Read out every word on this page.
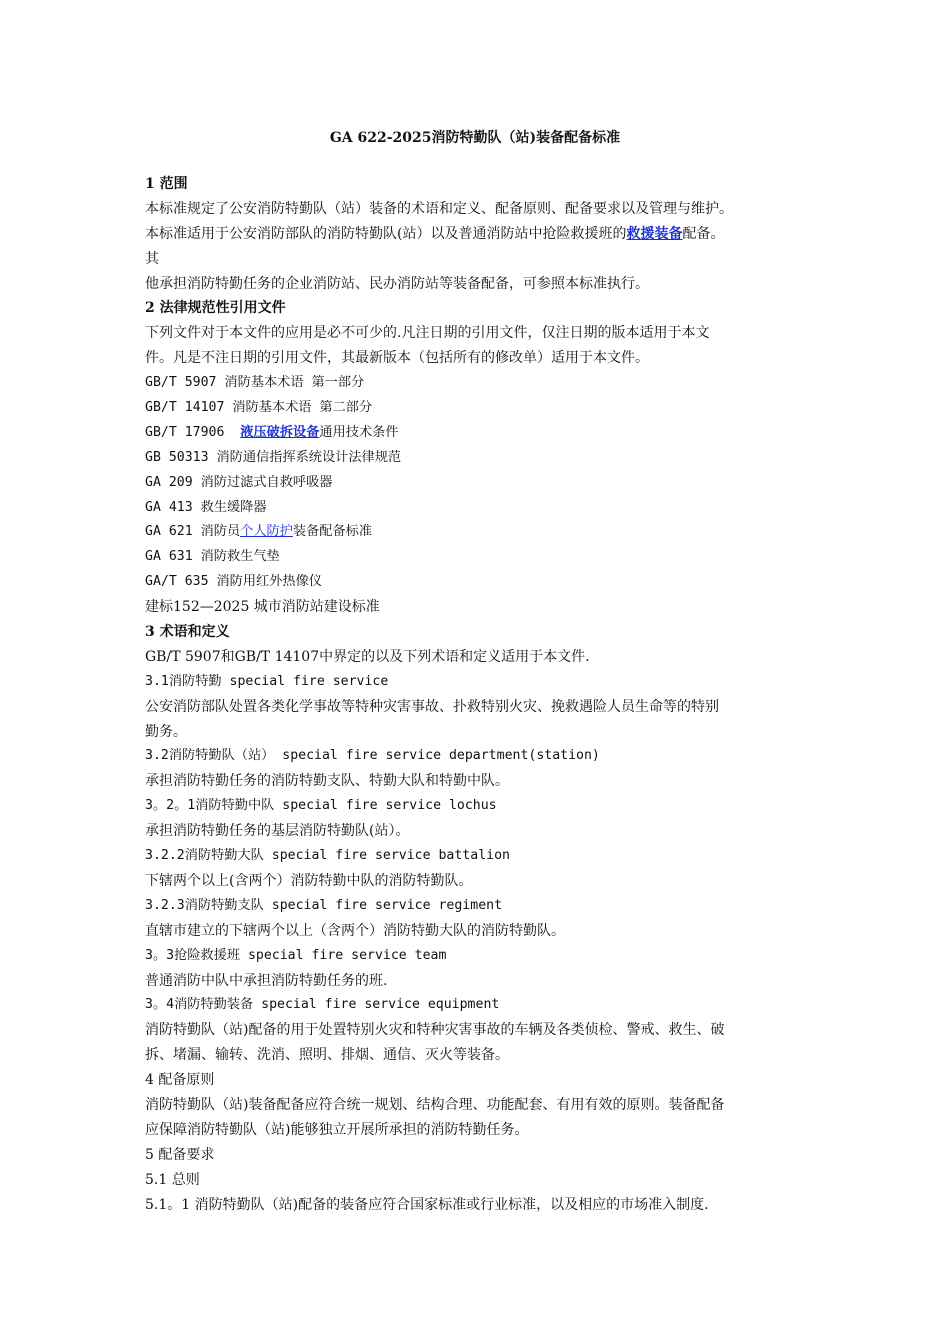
GA 622-2025消防特勤队（站)装备配备标准
1 范围
本标准规定了公安消防特勤队（站）装备的术语和定义、配备原则、配备要求以及管理与维护。
本标准适用于公安消防部队的消防特勤队(站）以及普通消防站中抢险救援班的救援装备配备。
其
他承担消防特勤任务的企业消防站、民办消防站等装备配备，可参照本标准执行。
2 法律规范性引用文件
下列文件对于本文件的应用是必不可少的.凡注日期的引用文件，仅注日期的版本适用于本文
件。凡是不注日期的引用文件，其最新版本（包括所有的修改单）适用于本文件。
GB/T 5907 消防基本术语 第一部分
GB/T 14107 消防基本术语 第二部分
GB/T 17906  液压破拆设备通用技术条件
GB 50313 消防通信指挥系统设计法律规范
GA 209 消防过滤式自救呼吸器
GA 413 救生缓降器
GA 621 消防员个人防护装备配备标准
GA 631 消防救生气垫
GA/T 635 消防用红外热像仪
建标152—2025 城市消防站建设标准
3 术语和定义
GB/T 5907和GB/T 14107中界定的以及下列术语和定义适用于本文件.
3.1消防特勤 special fire service
公安消防部队处置各类化学事故等特种灾害事故、扑救特别火灾、挽救遇险人员生命等的特别
勤务。
3.2消防特勤队（站） special fire service department(station)
承担消防特勤任务的消防特勤支队、特勤大队和特勤中队。
3。2。1消防特勤中队 special fire service lochus
承担消防特勤任务的基层消防特勤队(站）。
3.2.2消防特勤大队 special fire service battalion
下辖两个以上(含两个）消防特勤中队的消防特勤队。
3.2.3消防特勤支队 special fire service regiment
直辖市建立的下辖两个以上（含两个）消防特勤大队的消防特勤队。
3。3抢险救援班 special fire service team
普通消防中队中承担消防特勤任务的班.
3。4消防特勤装备 special fire service equipment
消防特勤队（站)配备的用于处置特别火灾和特种灾害事故的车辆及各类侦检、警戒、救生、破
拆、堵漏、输转、洗消、照明、排烟、通信、灭火等装备。
4 配备原则
消防特勤队（站)装备配备应符合统一规划、结构合理、功能配套、有用有效的原则。装备配备
应保障消防特勤队（站)能够独立开展所承担的消防特勤任务。
5 配备要求
5.1 总则
5.1。1 消防特勤队（站)配备的装备应符合国家标准或行业标准，以及相应的市场准入制度.
